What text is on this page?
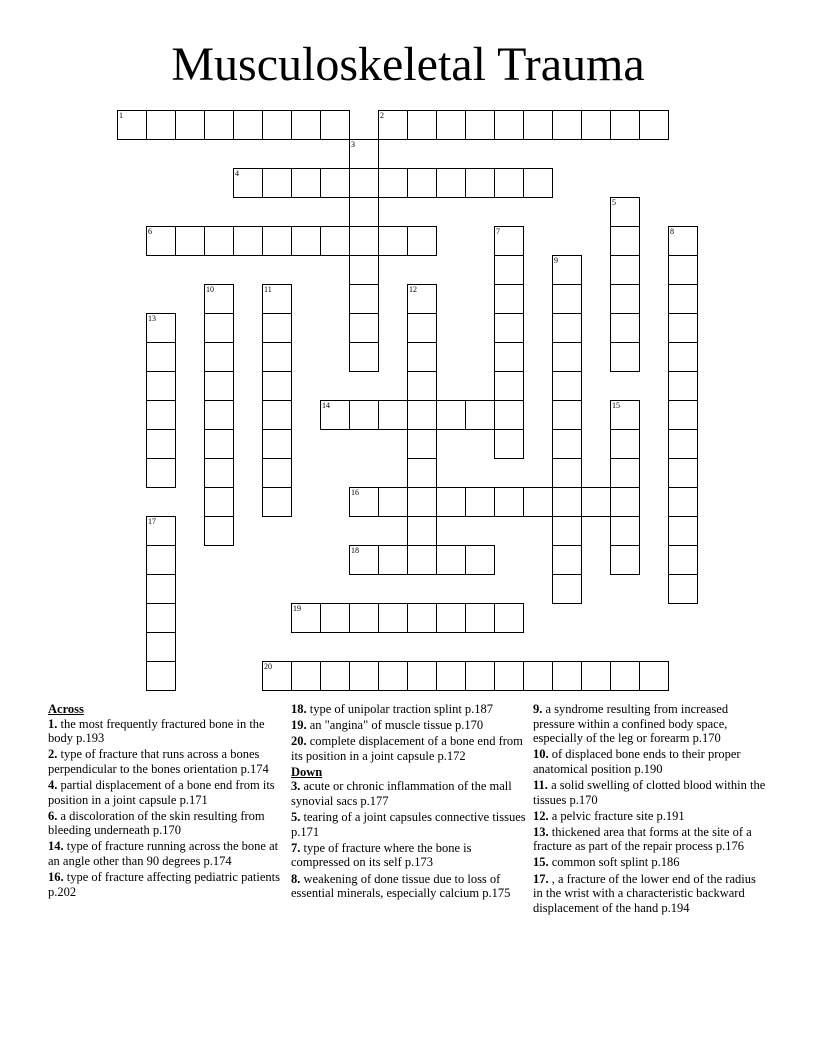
Musculoskeletal Trauma
1	2
3
4
5
6	7	8
9
10	11	12
13
14	15
16
17
18
19
20
Across
1. the most frequently fractured bone in the body p.193
2. type of fracture that runs across a bones perpendicular to the bones orientation p.174
4. partial displacement of a bone end from its position in a joint capsule p.171
6. a discoloration of the skin resulting from bleeding underneath p.170
14. type of fracture running across the bone at an angle other than 90 degrees p.174
16. type of fracture affecting pediatric patients p.202
18. type of unipolar traction splint p.187
19. an "angina" of muscle tissue p.170
20. complete displacement of a bone end from its position in a joint capsule p.172
Down
3. acute or chronic inflammation of the mall synovial sacs p.177
5. tearing of a joint capsules connective tissues p.171
7. type of fracture where the bone is compressed on its self p.173
8. weakening of done tissue due to loss of essential minerals, especially calcium p.175
9. a syndrome resulting from increased pressure within a confined body space, especially of the leg or forearm p.170
10. of displaced bone ends to their proper anatomical position p.190
11. a solid swelling of clotted blood within the tissues p.170
12. a pelvic fracture site p.191
13. thickened area that forms at the site of a fracture as part of the repair process p.176
15. common soft splint p.186
17. , a fracture of the lower end of the radius in the wrist with a characteristic backward displacement of the hand p.194
